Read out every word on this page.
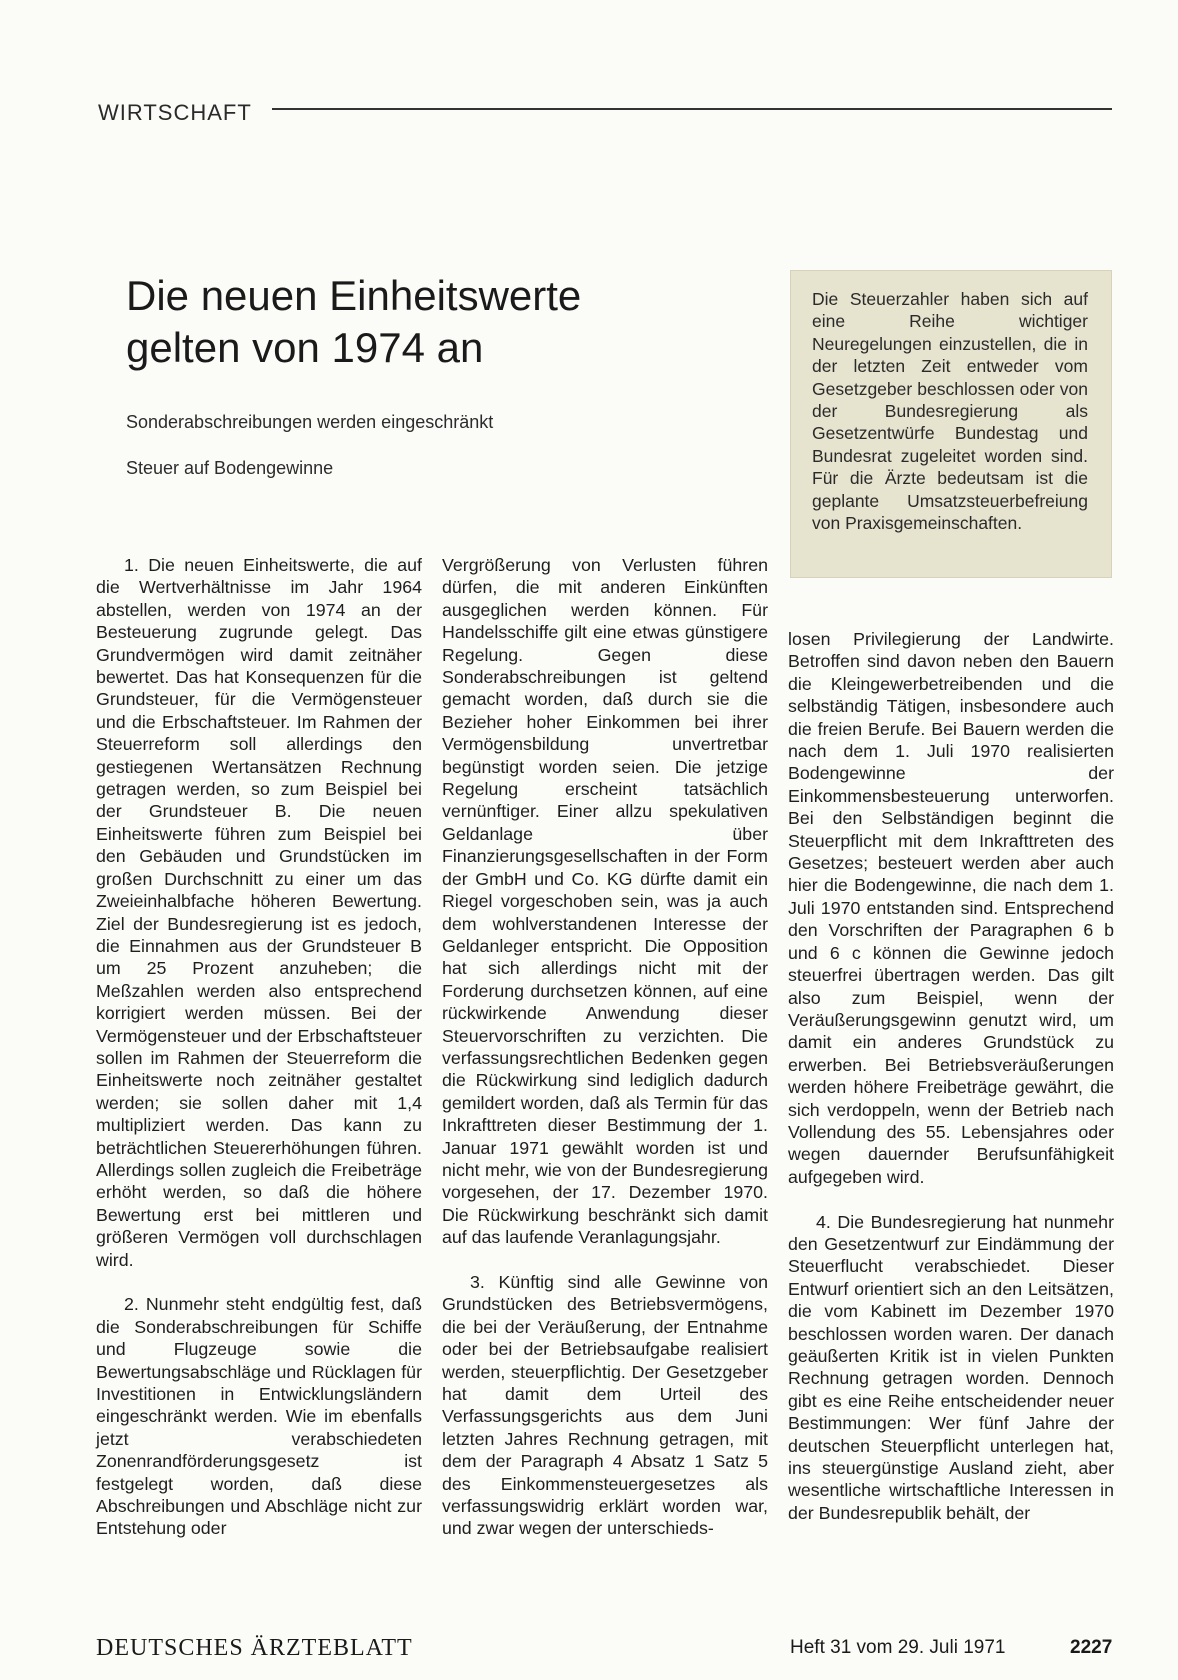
WIRTSCHAFT
Die neuen Einheitswerte gelten von 1974 an
Sonderabschreibungen werden eingeschränkt
Steuer auf Bodengewinne

Die Steuerzahler haben sich auf eine Reihe wichtiger Neuregelungen einzustellen, die in der letzten Zeit entweder vom Gesetzgeber beschlossen oder von der Bundesregierung als Gesetzentwürfe Bundestag und Bundesrat zugeleitet worden sind. Für die Ärzte bedeutsam ist die geplante Umsatzsteuerbefreiung von Praxisgemeinschaften.

1. Die neuen Einheitswerte, die auf die Wertverhältnisse im Jahr 1964 abstellen, werden von 1974 an der Besteuerung zugrunde gelegt. Das Grundvermögen wird damit zeitnäher bewertet. Das hat Konsequenzen für die Grundsteuer, für die Vermögensteuer und die Erbschaftsteuer. Im Rahmen der Steuerreform soll allerdings den gestiegenen Wertansätzen Rechnung getragen werden, so zum Beispiel bei der Grundsteuer B. Die neuen Einheitswerte führen zum Beispiel bei den Gebäuden und Grundstücken im großen Durchschnitt zu einer um das Zweieinhalbfache höheren Bewertung. Ziel der Bundesregierung ist es jedoch, die Einnahmen aus der Grundsteuer B um 25 Prozent anzuheben; die Meßzahlen werden also entsprechend korrigiert werden müssen. Bei der Vermögensteuer und der Erbschaftsteuer sollen im Rahmen der Steuerreform die Einheitswerte noch zeitnäher gestaltet werden; sie sollen daher mit 1,4 multipliziert werden. Das kann zu beträchtlichen Steuererhöhungen führen. Allerdings sollen zugleich die Freibeträge erhöht werden, so daß die höhere Bewertung erst bei mittleren und größeren Vermögen voll durchschlagen wird.

2. Nunmehr steht endgültig fest, daß die Sonderabschreibungen für Schiffe und Flugzeuge sowie die Bewertungsabschläge und Rücklagen für Investitionen in Entwicklungsländern eingeschränkt werden. Wie im ebenfalls jetzt verabschiedeten Zonenrandförderungsgesetz ist festgelegt worden, daß diese Abschreibungen und Abschläge nicht zur Entstehung oder

Vergrößerung von Verlusten führen dürfen, die mit anderen Einkünften ausgeglichen werden können. Für Handelsschiffe gilt eine etwas günstigere Regelung. Gegen diese Sonderabschreibungen ist geltend gemacht worden, daß durch sie die Bezieher hoher Einkommen bei ihrer Vermögensbildung unvertretbar begünstigt worden seien. Die jetzige Regelung erscheint tatsächlich vernünftiger. Einer allzu spekulativen Geldanlage über Finanzierungsgesellschaften in der Form der GmbH und Co. KG dürfte damit ein Riegel vorgeschoben sein, was ja auch dem wohlverstandenen Interesse der Geldanleger entspricht. Die Opposition hat sich allerdings nicht mit der Forderung durchsetzen können, auf eine rückwirkende Anwendung dieser Steuervorschriften zu verzichten. Die verfassungsrechtlichen Bedenken gegen die Rückwirkung sind lediglich dadurch gemildert worden, daß als Termin für das Inkrafttreten dieser Bestimmung der 1. Januar 1971 gewählt worden ist und nicht mehr, wie von der Bundesregierung vorgesehen, der 17. Dezember 1970. Die Rückwirkung beschränkt sich damit auf das laufende Veranlagungsjahr.

3. Künftig sind alle Gewinne von Grundstücken des Betriebsvermögens, die bei der Veräußerung, der Entnahme oder bei der Betriebsaufgabe realisiert werden, steuerpflichtig. Der Gesetzgeber hat damit dem Urteil des Verfassungsgerichts aus dem Juni letzten Jahres Rechnung getragen, mit dem der Paragraph 4 Absatz 1 Satz 5 des Einkommensteuergesetzes als verfassungswidrig erklärt worden war, und zwar wegen der unterschieds-

losen Privilegierung der Landwirte. Betroffen sind davon neben den Bauern die Kleingewerbetreibenden und die selbständig Tätigen, insbesondere auch die freien Berufe. Bei Bauern werden die nach dem 1. Juli 1970 realisierten Bodengewinne der Einkommensbesteuerung unterworfen. Bei den Selbständigen beginnt die Steuerpflicht mit dem Inkrafttreten des Gesetzes; besteuert werden aber auch hier die Bodengewinne, die nach dem 1. Juli 1970 entstanden sind. Entsprechend den Vorschriften der Paragraphen 6 b und 6 c können die Gewinne jedoch steuerfrei übertragen werden. Das gilt also zum Beispiel, wenn der Veräußerungsgewinn genutzt wird, um damit ein anderes Grundstück zu erwerben. Bei Betriebsveräußerungen werden höhere Freibeträge gewährt, die sich verdoppeln, wenn der Betrieb nach Vollendung des 55. Lebensjahres oder wegen dauernder Berufsunfähigkeit aufgegeben wird.

4. Die Bundesregierung hat nunmehr den Gesetzentwurf zur Eindämmung der Steuerflucht verabschiedet. Dieser Entwurf orientiert sich an den Leitsätzen, die vom Kabinett im Dezember 1970 beschlossen worden waren. Der danach geäußerten Kritik ist in vielen Punkten Rechnung getragen worden. Dennoch gibt es eine Reihe entscheidender neuer Bestimmungen: Wer fünf Jahre der deutschen Steuerpflicht unterlegen hat, ins steuergünstige Ausland zieht, aber wesentliche wirtschaftliche Interessen in der Bundesrepublik behält, der

DEUTSCHES ÄRZTEBLATT	Heft 31 vom 29. Juli 1971	2227
